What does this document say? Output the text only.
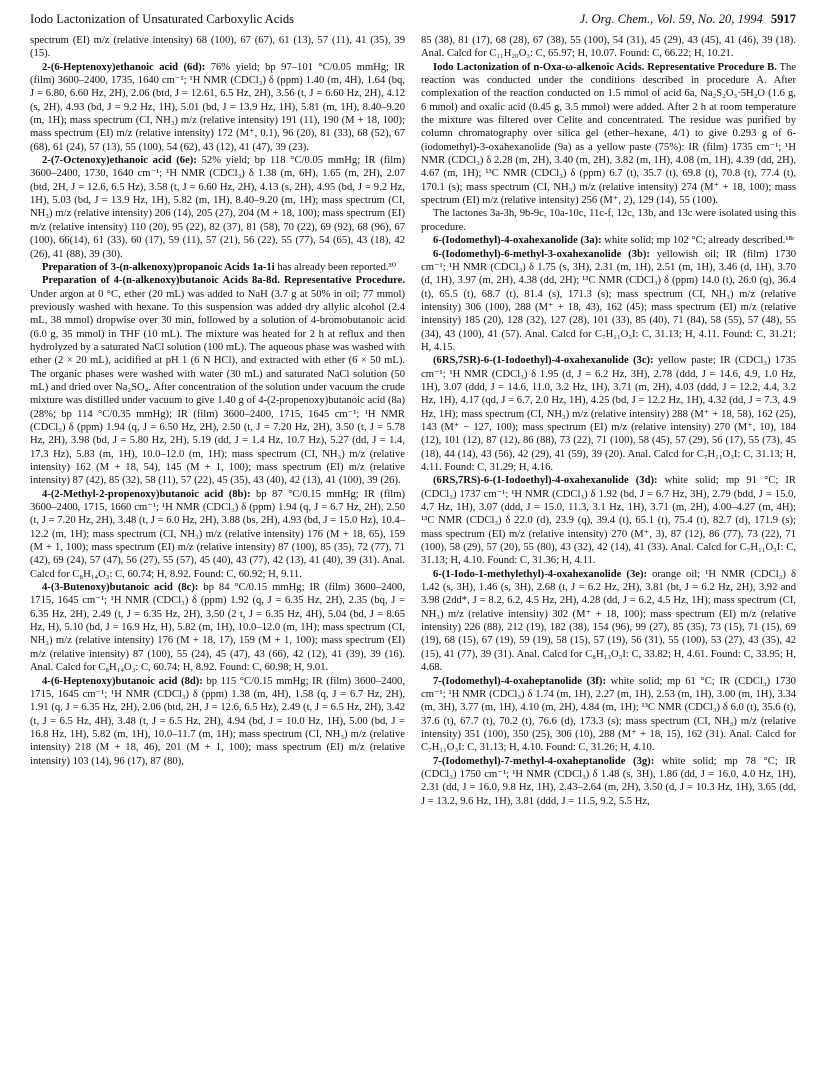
Iodo Lactonization of Unsaturated Carboxylic Acids	J. Org. Chem., Vol. 59, No. 20, 1994 5917

spectrum (EI) m/z (relative intensity) 68 (100), 67 (67), 61 (13), 57 (11), 41 (35), 39 (15).

2-(6-Heptenoxy)ethanoic acid (6d): 76% yield; bp 97–101 °C/0.05 mmHg; IR (film) 3600–2400, 1735, 1640 cm⁻¹; ¹H NMR (CDCl₃) δ (ppm) 1.40 (m, 4H), 1.64 (bq, J = 6.80, 6.60 Hz, 2H), 2.06 (btd, J = 12.61, 6.5 Hz, 2H), 3.56 (t, J = 6.60 Hz, 2H), 4.12 (s, 2H), 4.93 (bd, J = 9.2 Hz, 1H), 5.01 (bd, J = 13.9 Hz, 1H), 5.81 (m, 1H), 8.40–9.20 (m, 1H); mass spectrum (CI, NH₃) m/z (relative intensity) 191 (11), 190 (M + 18, 100); mass spectrum (EI) m/z (relative intensity) 172 (M⁺, 0.1), 96 (20), 81 (33), 68 (52), 67 (68), 61 (24), 57 (13), 55 (100), 54 (62), 43 (12), 41 (47), 39 (23).

2-(7-Octenoxy)ethanoic acid (6e): 52% yield; bp 118 °C/0.05 mmHg; IR (film) 3600–2400, 1730, 1640 cm⁻¹; ¹H NMR (CDCl₃) δ 1.38 (m, 6H), 1.65 (m, 2H), 2.07 (btd, 2H, J = 12.6, 6.5 Hz), 3.58 (t, J = 6.60 Hz, 2H), 4.13 (s, 2H), 4.95 (bd, J = 9.2 Hz, 1H), 5.03 (bd, J = 13.9 Hz, 1H), 5.82 (m, 1H), 8.40–9.20 (m, 1H); mass spectrum (CI, NH₃) m/z (relative intensity) 206 (14), 205 (27), 204 (M + 18, 100); mass spectrum (EI) m/z (relative intensity) 110 (20), 95 (22), 82 (37), 81 (58), 70 (22), 69 (92), 68 (96), 67 (100), 66(14), 61 (33), 60 (17), 59 (11), 57 (21), 56 (22), 55 (77), 54 (65), 43 (18), 42 (26), 41 (88), 39 (30).

Preparation of 3-(n-alkenoxy)propanoic Acids 1a-1i has already been reported.³⁰

Preparation of 4-(n-alkenoxy)butanoic Acids 8a-8d. Representative Procedure. Under argon at 0 °C, ether (20 mL) was added to NaH (3.7 g at 50% in oil; 77 mmol) previously washed with hexane. To this suspension was added dry allylic alcohol (2.4 mL, 38 mmol) dropwise over 30 min, followed by a solution of 4-bromobutanoic acid (6.0 g, 35 mmol) in THF (10 mL). The mixture was heated for 2 h at reflux and then hydrolyzed by a saturated NaCl solution (100 mL). The aqueous phase was washed with ether (2 × 20 mL), acidified at pH 1 (6 N HCl), and extracted with ether (6 × 50 mL). The organic phases were washed with water (30 mL) and saturated NaCl solution (50 mL) and dried over Na₂SO₄. After concentration of the solution under vacuum the crude mixture was distilled under vacuum to give 1.40 g of 4-(2-propenoxy)butanoic acid (8a) (28%; bp 114 °C/0.35 mmHg); IR (film) 3600–2400, 1715, 1645 cm⁻¹; ¹H NMR (CDCl₃) δ (ppm) 1.94 (q, J = 6.50 Hz, 2H), 2.50 (t, J = 7.20 Hz, 2H), 3.50 (t, J = 5.78 Hz, 2H), 3.98 (bd, J = 5.80 Hz, 2H), 5.19 (dd, J = 1.4 Hz, 10.7 Hz), 5.27 (dd, J = 1.4, 17.3 Hz), 5.83 (m, 1H), 10.0–12.0 (m, 1H); mass spectrum (CI, NH₃) m/z (relative intensity) 162 (M + 18, 54), 145 (M + 1, 100); mass spectrum (EI) m/z (relative intensity) 87 (42), 85 (32), 58 (11), 57 (22), 45 (35), 43 (40), 42 (13), 41 (100), 39 (26).

4-(2-Methyl-2-propenoxy)butanoic acid (8b): bp 87 °C/0.15 mmHg; IR (film) 3600–2400, 1715, 1660 cm⁻¹; ¹H NMR (CDCl₃) δ (ppm) 1.94 (q, J = 6.7 Hz, 2H), 2.50 (t, J = 7.20 Hz, 2H), 3.48 (t, J = 6.0 Hz, 2H), 3.88 (bs, 2H), 4.93 (bd, J = 15.0 Hz), 10.4–12.2 (m, 1H); mass spectrum (CI, NH₃) m/z (relative intensity) 176 (M + 18, 65), 159 (M + 1, 100); mass spectrum (EI) m/z (relative intensity) 87 (100), 85 (35), 72 (77), 71 (42), 69 (24), 57 (47), 56 (27), 55 (57), 45 (40), 43 (77), 42 (13), 41 (40), 39 (31). Anal. Calcd for C₈H₁₄O₃: C, 60.74; H, 8.92. Found: C, 60.92; H, 9.11.

4-(3-Butenoxy)butanoic acid (8c): bp 84 °C/0.15 mmHg; IR (film) 3600–2400, 1715, 1645 cm⁻¹; ¹H NMR (CDCl₃) δ (ppm) 1.92 (q, J = 6.35 Hz, 2H), 2.35 (bq, J = 6.35 Hz, 2H), 2.49 (t, J = 6.35 Hz, 2H), 3.50 (2 t, J = 6.35 Hz, 4H), 5.04 (bd, J = 8.65 Hz, H), 5.10 (bd, J = 16.9 Hz, H), 5.82 (m, 1H), 10.0–12.0 (m, 1H); mass spectrum (CI, NH₃) m/z (relative intensity) 176 (M + 18, 17), 159 (M + 1, 100); mass spectrum (EI) m/z (relative intensity) 87 (100), 55 (24), 45 (47), 43 (66), 42 (12), 41 (39), 39 (16). Anal. Calcd for C₈H₁₄O₃: C, 60.74; H, 8.92. Found: C, 60.98; H, 9.01.

4-(6-Heptenoxy)butanoic acid (8d): bp 115 °C/0.15 mmHg; IR (film) 3600–2400, 1715, 1645 cm⁻¹; ¹H NMR (CDCl₃) δ (ppm) 1.38 (m, 4H), 1.58 (q, J = 6.7 Hz, 2H), 1.91 (q, J = 6.35 Hz, 2H), 2.06 (btd, 2H, J = 12.6, 6.5 Hz), 2.49 (t, J = 6.5 Hz, 2H), 3.42 (t, J = 6.5 Hz, 4H), 3.48 (t, J = 6.5 Hz, 2H), 4.94 (bd, J = 10.0 Hz, 1H), 5.00 (bd, J = 16.8 Hz, 1H), 5.82 (m, 1H), 10.0–11.7 (m, 1H); mass spectrum (CI, NH₃) m/z (relative intensity) 218 (M + 18, 46), 201 (M + 1, 100); mass spectrum (EI) m/z (relative intensity) 103 (14), 96 (17), 87 (80),

85 (38), 81 (17), 68 (28), 67 (38), 55 (100), 54 (31), 45 (29), 43 (45), 41 (46), 39 (18). Anal. Calcd for C₁₁H₂₀O₃: C, 65.97; H, 10.07. Found: C, 66.22; H, 10.21.

Iodo Lactonization of n-Oxa-ω-alkenoic Acids. Representative Procedure B. The reaction was conducted under the conditions described in procedure A. After complexation of the reaction conducted on 1.5 mmol of acid 6a, Na₂S₂O₃·5H₂O (1.6 g, 6 mmol) and oxalic acid (0.45 g, 3.5 mmol) were added. After 2 h at room temperature the mixture was filtered over Celite and concentrated. The residue was purified by column chromatography over silica gel (ether–hexane, 4/1) to give 0.293 g of 6-(iodomethyl)-3-oxahexanolide (9a) as a yellow paste (75%): IR (film) 1735 cm⁻¹; ¹H NMR (CDCl₃) δ 2.28 (m, 2H), 3.40 (m, 2H), 3.82 (m, 1H), 4.08 (m, 1H), 4.39 (dd, 2H), 4.67 (m, 1H); ¹³C NMR (CDCl₃) δ (ppm) 6.7 (t), 35.7 (t), 69.8 (t), 70.8 (t), 77.4 (t), 170.1 (s); mass spectrum (CI, NH₃) m/z (relative intensity) 274 (M⁺ + 18, 100); mass spectrum (EI) m/z (relative intensity) 256 (M⁺, 2), 129 (14), 55 (100).

The lactones 3a-3h, 9b-9c, 10a-10c, 11c-f, 12c, 13b, and 13c were isolated using this procedure.

6-(Iodomethyl)-4-oxahexanolide (3a): white solid; mp 102 °C; already described.¹⁸ᶜ

6-(Iodomethyl)-6-methyl-3-oxahexanolide (3b): yellowish oil; IR (film) 1730 cm⁻¹; ¹H NMR (CDCl₃) δ 1.75 (s, 3H), 2.31 (m, 1H), 2.51 (m, 1H), 3.46 (d, 1H), 3.70 (d, 1H), 3.97 (m, 2H), 4.38 (dd, 2H); ¹³C NMR (CDCl₃) δ (ppm) 14.0 (t), 26.0 (q), 36.4 (t), 65.5 (t), 68.7 (t), 81.4 (s), 171.3 (s); mass spectrum (CI, NH₃) m/z (relative intensity) 306 (100), 288 (M⁺ + 18, 43), 162 (45); mass spectrum (EI) m/z (relative intensity) 185 (20), 128 (32), 127 (28), 101 (33), 85 (40), 71 (84), 58 (55), 57 (48), 55 (34), 43 (100), 41 (57). Anal. Calcd for C₇H₁₁O₃I: C, 31.13; H, 4.11. Found: C, 31.21; H, 4.15.

(6RS,7SR)-6-(1-Iodoethyl)-4-oxahexanolide (3c): yellow paste; IR (CDCl₃) 1735 cm⁻¹; ¹H NMR (CDCl₃) δ 1.95 (d, J = 6.2 Hz, 3H), 2.78 (ddd, J = 14.6, 4.9, 1.0 Hz, 1H), 3.07 (ddd, J = 14.6, 11.0, 3.2 Hz, 1H), 3.71 (m, 2H), 4.03 (ddd, J = 12.2, 4.4, 3.2 Hz, 1H), 4.17 (qd, J = 6.7, 2.0 Hz, 1H), 4.25 (bd, J = 12.2 Hz, 1H), 4.32 (dd, J = 7.3, 4.9 Hz, 1H); mass spectrum (CI, NH₃) m/z (relative intensity) 288 (M⁺ + 18, 58), 162 (25), 143 (M⁺ − 127, 100); mass spectrum (EI) m/z (relative intensity) 270 (M⁺, 10), 184 (12), 101 (12), 87 (12), 86 (88), 73 (22), 71 (100), 58 (45), 57 (29), 56 (17), 55 (73), 45 (18), 44 (14), 43 (56), 42 (29), 41 (59), 39 (20). Anal. Calcd for C₇H₁₁O₃I: C, 31.13; H, 4.11. Found: C, 31.29; H, 4.16.

(6RS,7RS)-6-(1-Iodoethyl)-4-oxahexanolide (3d): white solid; mp 91 °C; IR (CDCl₃) 1737 cm⁻¹; ¹H NMR (CDCl₃) δ 1.92 (bd, J = 6.7 Hz, 3H), 2.79 (bdd, J = 15.0, 4.7 Hz, 1H), 3.07 (ddd, J = 15.0, 11.3, 3.1 Hz, 1H), 3.71 (m, 2H), 4.00–4.27 (m, 4H); ¹³C NMR (CDCl₃) δ 22.0 (d), 23.9 (q), 39.4 (t), 65.1 (t), 75.4 (t), 82.7 (d), 171.9 (s); mass spectrum (EI) m/z (relative intensity) 270 (M⁺, 3), 87 (12), 86 (77), 73 (22), 71 (100), 58 (29), 57 (20), 55 (80), 43 (32), 42 (14), 41 (33). Anal. Calcd for C₇H₁₁O₃I: C, 31.13; H, 4.10. Found: C, 31.36; H, 4.11.

6-(1-Iodo-1-methylethyl)-4-oxahexanolide (3e): orange oil; ¹H NMR (CDCl₃) δ 1.42 (s, 3H), 1.46 (s, 3H), 2.68 (t, J = 6.2 Hz, 2H), 3.81 (bt, J = 6.2 Hz, 2H), 3.92 and 3.98 (2dd*, J = 8.2, 6.2, 4.5 Hz, 2H), 4.28 (dd, J = 6.2, 4.5 Hz, 1H); mass spectrum (CI, NH₃) m/z (relative intensity) 302 (M⁺ + 18, 100); mass spectrum (EI) m/z (relative intensity) 226 (88), 212 (19), 182 (38), 154 (96), 99 (27), 85 (35), 73 (15), 71 (15), 69 (19), 68 (15), 67 (19), 59 (19), 58 (15), 57 (19), 56 (31), 55 (100), 53 (27), 43 (35), 42 (15), 41 (77), 39 (31). Anal. Calcd for C₈H₁₃O₃I: C, 33.82; H, 4.61. Found: C, 33.95; H, 4.68.

7-(Iodomethyl)-4-oxaheptanolide (3f): white solid; mp 61 °C; IR (CDCl₃) 1730 cm⁻¹; ¹H NMR (CDCl₃) δ 1.74 (m, 1H), 2.27 (m, 1H), 2.53 (m, 1H), 3.00 (m, 1H), 3.34 (m, 3H), 3.77 (m, 1H), 4.10 (m, 2H), 4.84 (m, 1H); ¹³C NMR (CDCl₃) δ 6.0 (t), 35.6 (t), 37.6 (t), 67.7 (t), 70.2 (t), 76.6 (d), 173.3 (s); mass spectrum (CI, NH₃) m/z (relative intensity) 351 (100), 350 (25), 306 (10), 288 (M⁺ + 18, 15), 162 (31). Anal. Calcd for C₇H₁₁O₃I: C, 31.13; H, 4.10. Found: C, 31.26; H, 4.10.

7-(Iodomethyl)-7-methyl-4-oxaheptanolide (3g): white solid; mp 78 °C; IR (CDCl₃) 1750 cm⁻¹; ¹H NMR (CDCl₃) δ 1.48 (s, 3H), 1.86 (dd, J = 16.0, 4.0 Hz, 1H), 2.31 (dd, J = 16.0, 9.8 Hz, 1H), 2.43–2.64 (m, 2H), 3.50 (d, J = 10.3 Hz, 1H), 3.65 (dd, J = 13.2, 9.6 Hz, 1H), 3.81 (ddd, J = 11.5, 9.2, 5.5 Hz,
